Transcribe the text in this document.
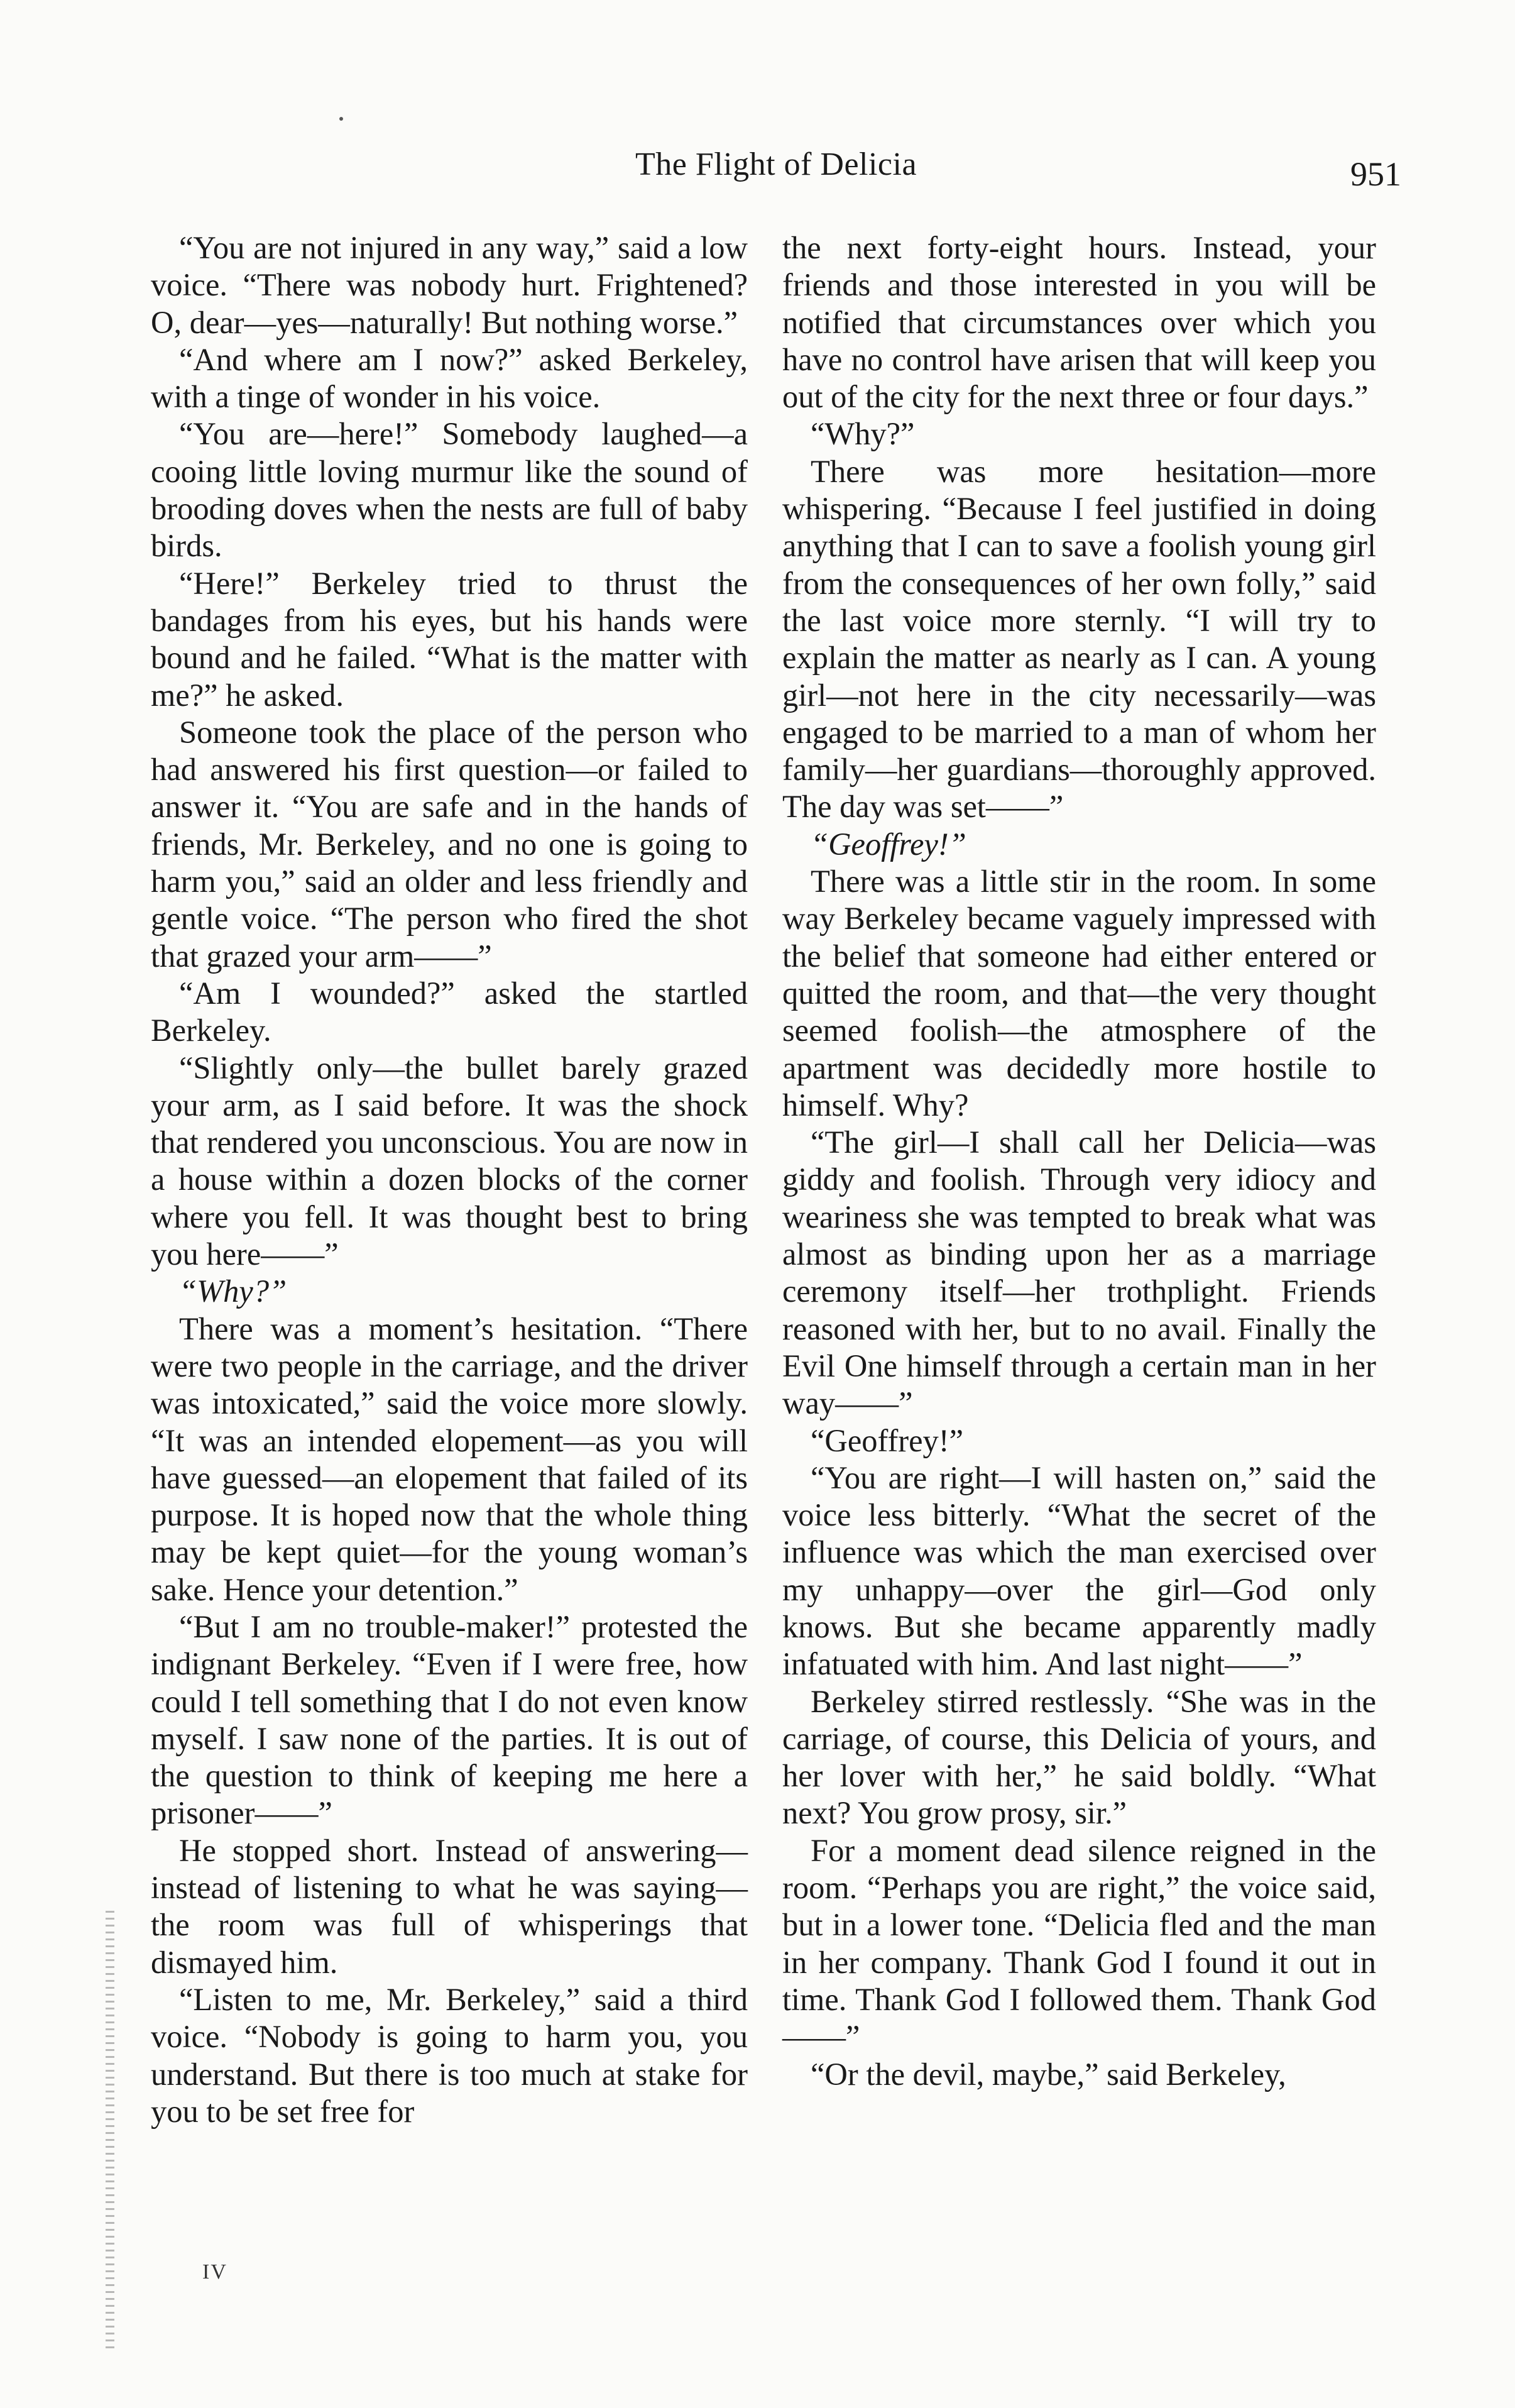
The Flight of Delicia	951

“You are not injured in any way,” said a low voice. “There was nobody hurt. Frightened? O, dear—yes—naturally! But nothing worse.”

“And where am I now?” asked Berkeley, with a tinge of wonder in his voice.

“You are—here!” Somebody laughed—a cooing little loving murmur like the sound of brooding doves when the nests are full of baby birds.

“Here!” Berkeley tried to thrust the bandages from his eyes, but his hands were bound and he failed. “What is the matter with me?” he asked.

Someone took the place of the person who had answered his first question—or failed to answer it. “You are safe and in the hands of friends, Mr. Berkeley, and no one is going to harm you,” said an older and less friendly and gentle voice. “The person who fired the shot that grazed your arm——”

“Am I wounded?” asked the startled Berkeley.

“Slightly only—the bullet barely grazed your arm, as I said before. It was the shock that rendered you unconscious. You are now in a house within a dozen blocks of the corner where you fell. It was thought best to bring you here——”

“Why?”

There was a moment’s hesitation. “There were two people in the carriage, and the driver was intoxicated,” said the voice more slowly. “It was an intended elopement—as you will have guessed—an elopement that failed of its purpose. It is hoped now that the whole thing may be kept quiet—for the young woman’s sake. Hence your detention.”

“But I am no trouble-maker!” protested the indignant Berkeley. “Even if I were free, how could I tell something that I do not even know myself. I saw none of the parties. It is out of the question to think of keeping me here a prisoner——”

He stopped short. Instead of answering—instead of listening to what he was saying—the room was full of whisperings that dismayed him.

“Listen to me, Mr. Berkeley,” said a third voice. “Nobody is going to harm you, you understand. But there is too much at stake for you to be set free for

the next forty-eight hours. Instead, your friends and those interested in you will be notified that circumstances over which you have no control have arisen that will keep you out of the city for the next three or four days.”

“Why?”

There was more hesitation—more whispering. “Because I feel justified in doing anything that I can to save a foolish young girl from the consequences of her own folly,” said the last voice more sternly. “I will try to explain the matter as nearly as I can. A young girl—not here in the city necessarily—was engaged to be married to a man of whom her family—her guardians—thoroughly approved. The day was set——”

“Geoffrey!”

There was a little stir in the room. In some way Berkeley became vaguely impressed with the belief that someone had either entered or quitted the room, and that—the very thought seemed foolish—the atmosphere of the apartment was decidedly more hostile to himself. Why?

“The girl—I shall call her Delicia—was giddy and foolish. Through very idiocy and weariness she was tempted to break what was almost as binding upon her as a marriage ceremony itself—her trothplight. Friends reasoned with her, but to no avail. Finally the Evil One himself through a certain man in her way——”

“Geoffrey!”

“You are right—I will hasten on,” said the voice less bitterly. “What the secret of the influence was which the man exercised over my unhappy—over the girl—God only knows. But she became apparently madly infatuated with him. And last night——”

Berkeley stirred restlessly. “She was in the carriage, of course, this Delicia of yours, and her lover with her,” he said boldly. “What next? You grow prosy, sir.”

For a moment dead silence reigned in the room. “Perhaps you are right,” the voice said, but in a lower tone. “Delicia fled and the man in her company. Thank God I found it out in time. Thank God I followed them. Thank God——”

“Or the devil, maybe,” said Berkeley,

IV
